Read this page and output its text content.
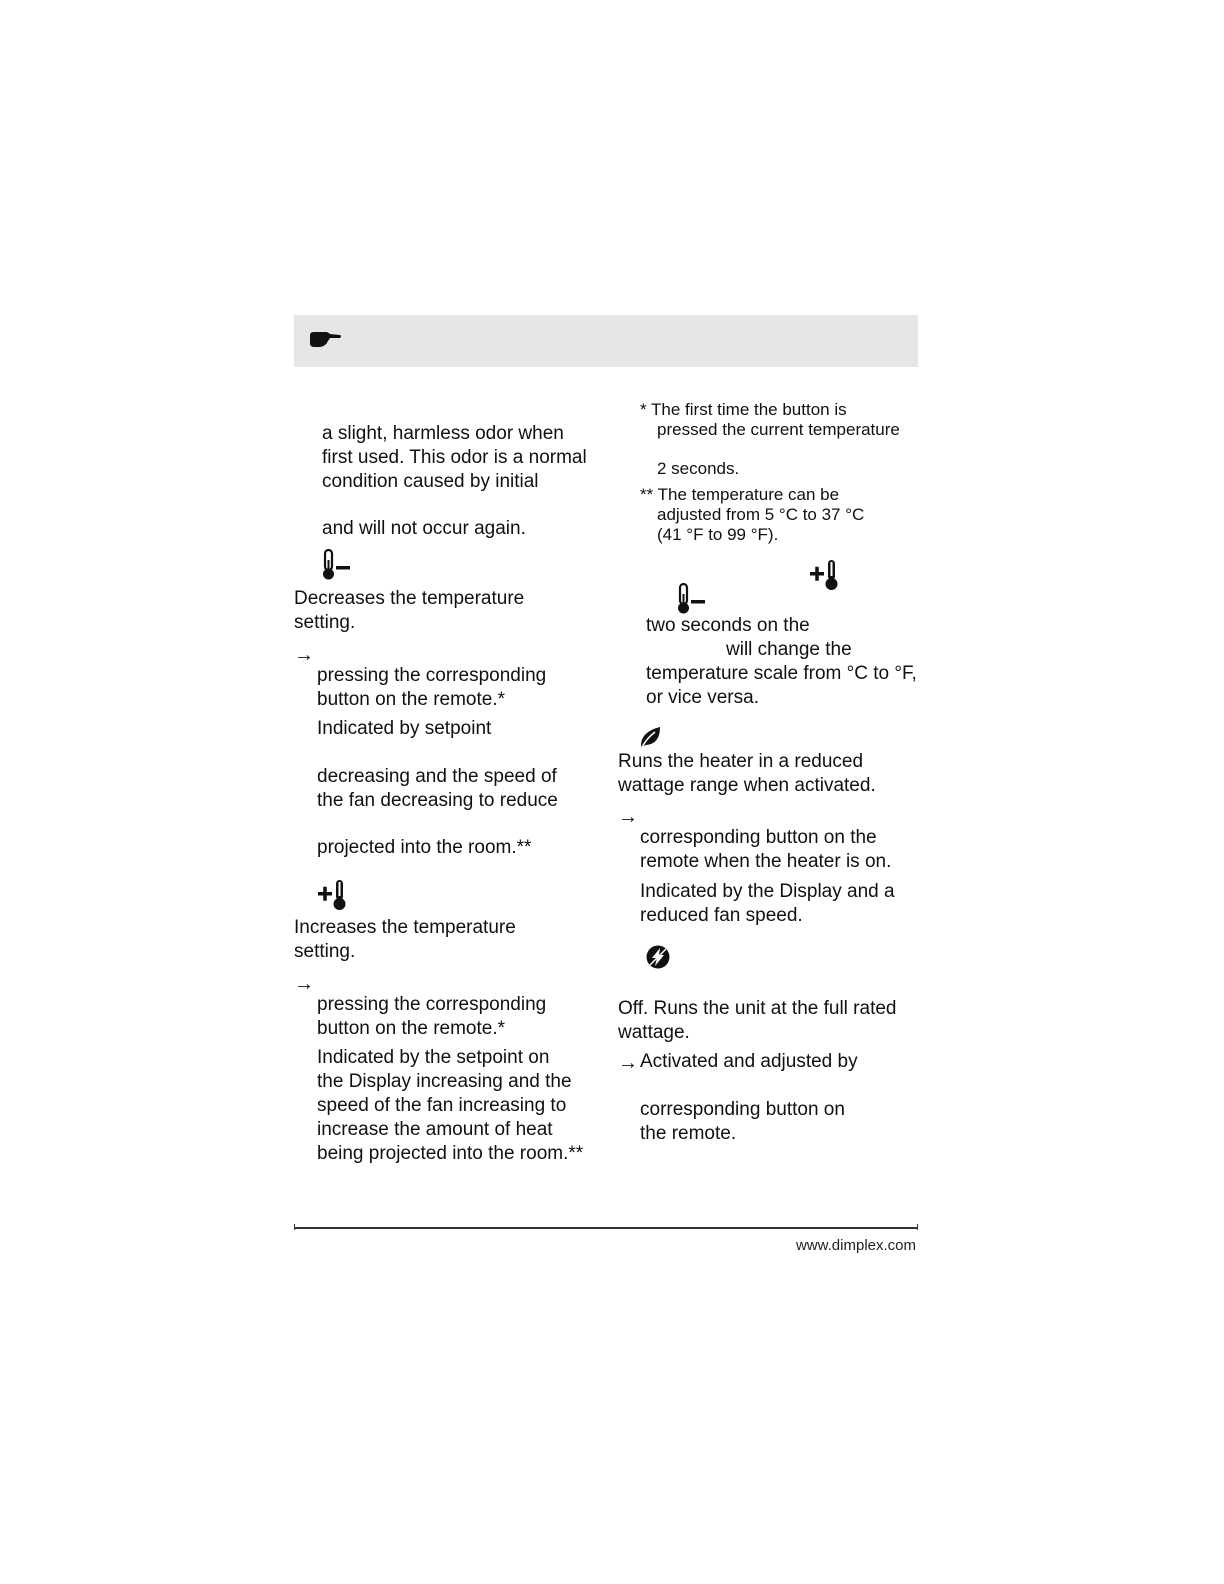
a slight, harmless odor when
first used. This odor is a normal
condition caused by initial
and will not occur again.
Decreases the temperature
setting.
→
pressing the corresponding
button on the remote.*
Indicated by setpoint
decreasing and the speed of
the fan decreasing to reduce
projected into the room.**
Increases the temperature
setting.
→
pressing the corresponding
button on the remote.*
Indicated by the setpoint on
the Display increasing and the
speed of the fan increasing to
increase the amount of heat
being projected into the room.**
* The first time the button is
pressed the current temperature
2 seconds.
** The temperature can be
adjusted from 5 °C to 37 °C
(41 °F to 99 °F).
two seconds on the
will change the
temperature scale from °C to °F,
or vice versa.
Runs the heater in a reduced
wattage range when activated.
→
corresponding button on the
remote when the heater is on.
Indicated by the Display and a
reduced fan speed.
Off. Runs the unit at the full rated
wattage.
→ Activated and adjusted by
corresponding button on
the remote.
www.dimplex.com
